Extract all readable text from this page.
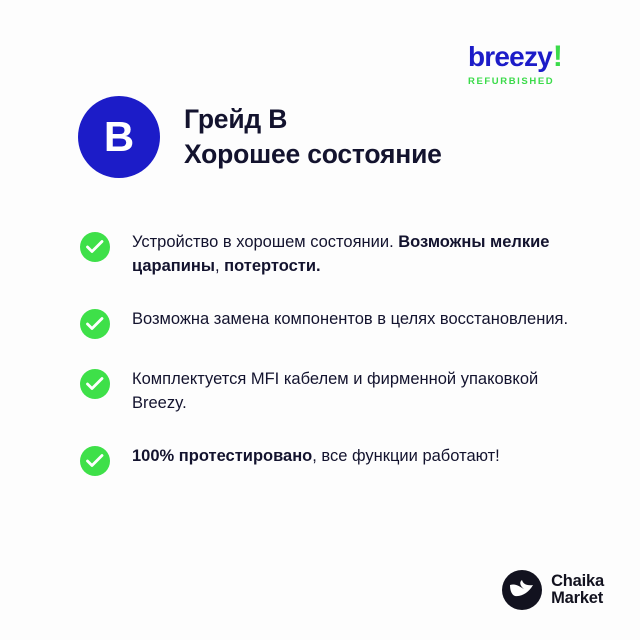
breezy!
REFURBISHED
B	Грейд B
Хорошее состояние
Устройство в хорошем состоянии. Возможны мелкие царапины, потертости.
Возможна замена компонентов в целях восстановления.
Комплектуется MFI кабелем и фирменной упаковкой Breezy.
100% протестировано, все функции работают!
Chaika
Market
